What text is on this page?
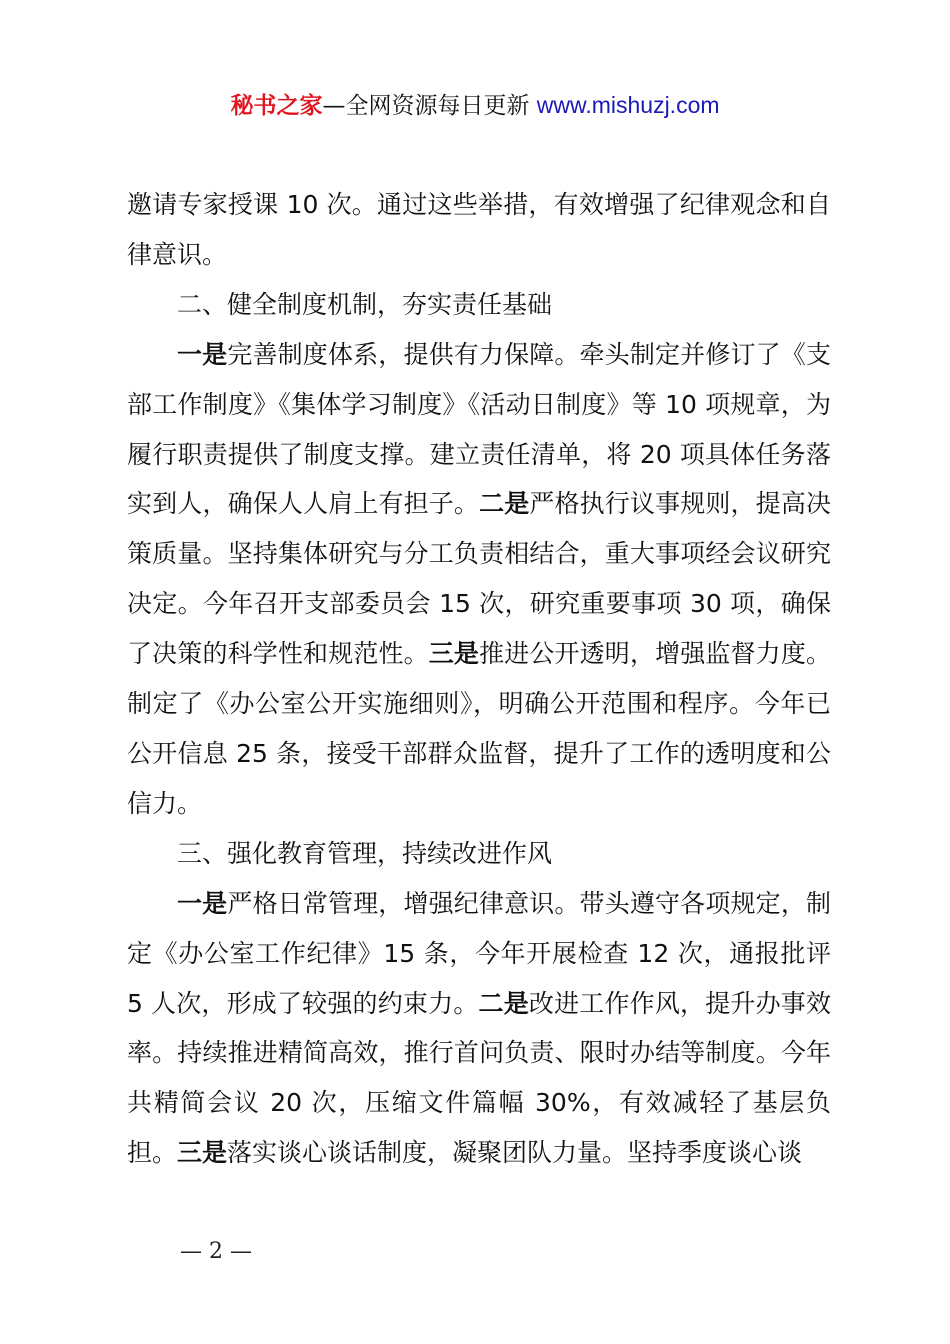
秘书之家—全网资源每日更新 www.mishuzj.com

邀请专家授课 10 次。通过这些举措，有效增强了纪律观念和自律意识。

二、健全制度机制，夯实责任基础

一是完善制度体系，提供有力保障。牵头制定并修订了《支部工作制度》《集体学习制度》《活动日制度》等 10 项规章，为履行职责提供了制度支撑。建立责任清单，将 20 项具体任务落实到人，确保人人肩上有担子。二是严格执行议事规则，提高决策质量。坚持集体研究与分工负责相结合，重大事项经会议研究决定。今年召开支部委员会 15 次，研究重要事项 30 项，确保了决策的科学性和规范性。三是推进公开透明，增强监督力度。制定了《办公室公开实施细则》，明确公开范围和程序。今年已公开信息 25 条，接受干部群众监督，提升了工作的透明度和公信力。

三、强化教育管理，持续改进作风

一是严格日常管理，增强纪律意识。带头遵守各项规定，制定《办公室工作纪律》15 条，今年开展检查 12 次，通报批评 5 人次，形成了较强的约束力。二是改进工作作风，提升办事效率。持续推进精简高效，推行首问负责、限时办结等制度。今年共精简会议 20 次，压缩文件篇幅 30%，有效减轻了基层负担。三是落实谈心谈话制度，凝聚团队力量。坚持季度谈心谈

— 2 —
